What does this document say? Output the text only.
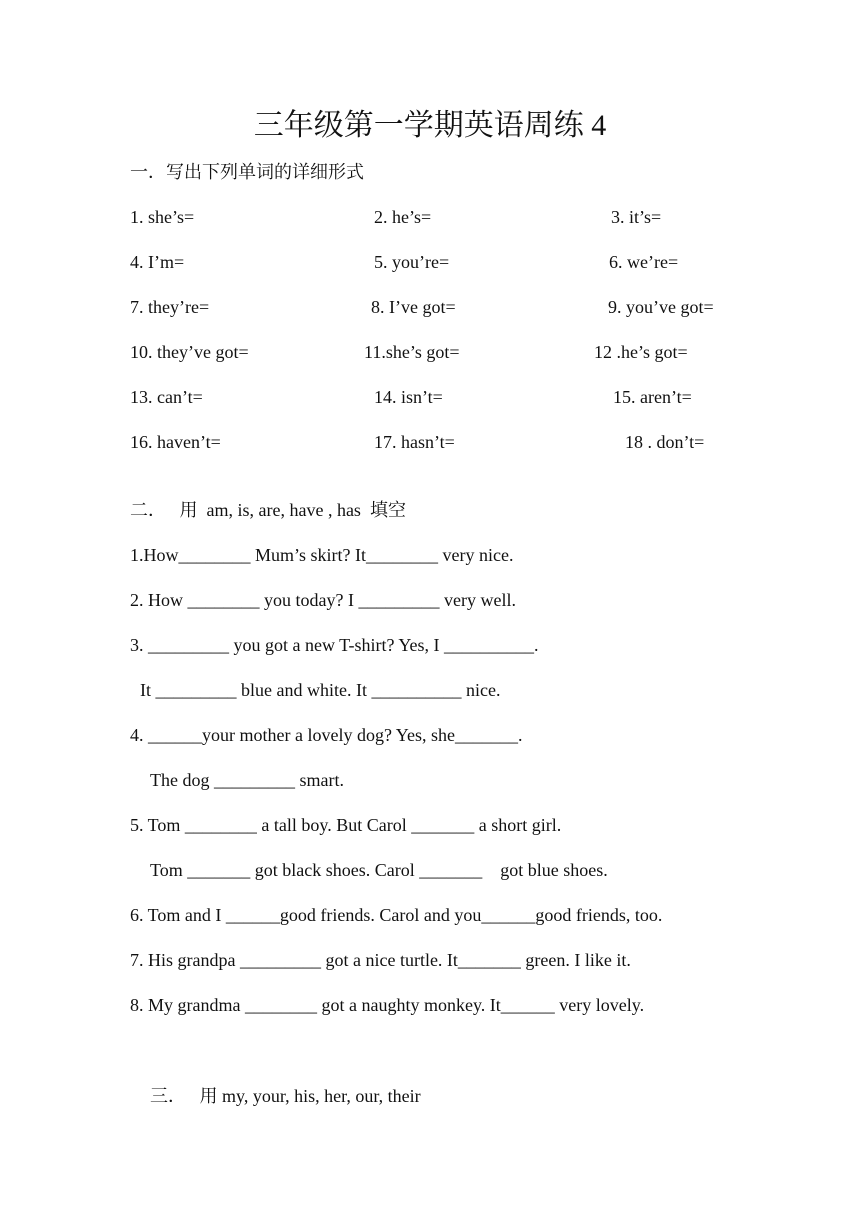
三年级第一学期英语周练 4
一．写出下列单词的详细形式
1. she’s=	2. he’s=	3. it’s=
4. I’m=	5. you’re=	6. we’re=
7. they’re=	8. I’ve got=	9. you’ve got=
10. they’ve got=	11.she’s got=	12 .he’s got=
13. can’t=	14. isn’t=	15. aren’t=
16. haven’t=	17. hasn’t=	18 . don’t=
二．   用  am, is, are, have , has  填空
1.How________ Mum’s skirt? It________ very nice.
2. How ________ you today? I _________ very well.
3. _________ you got a new T-shirt? Yes, I __________.
It _________ blue and white. It __________ nice.
4. ______your mother a lovely dog? Yes, she_______.
The dog _________ smart.
5. Tom ________ a tall boy. But Carol _______ a short girl.
Tom _______ got black shoes. Carol _______    got blue shoes.
6. Tom and I ______good friends. Carol and you______good friends, too.
7. His grandpa _________ got a nice turtle. It_______ green. I like it.
8. My grandma ________ got a naughty monkey. It______ very lovely.
三．   用 my, your, his, her, our, their
